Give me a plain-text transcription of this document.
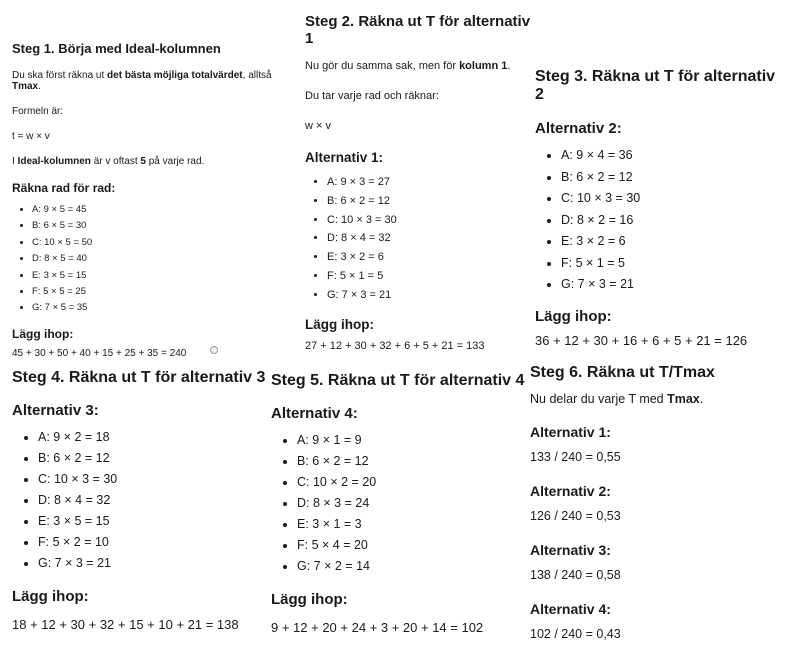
Steg 1. Börja med Ideal-kolumnen

Du ska först räkna ut det bästa möjliga totalvärdet, alltså Tmax.

Formeln är:

t = w × v

I Ideal-kolumnen är v oftast 5 på varje rad.

Räkna rad för rad:
• A: 9 × 5 = 45
• B: 6 × 5 = 30
• C: 10 × 5 = 50
• D: 8 × 5 = 40
• E: 3 × 5 = 15
• F: 5 × 5 = 25
• G: 7 × 5 = 35
Lägg ihop:

45 + 30 + 50 + 40 + 15 + 25 + 35 = 240

Steg 2. Räkna ut T för alternativ 1

Nu gör du samma sak, men för kolumn 1.

Du tar varje rad och räknar:

w × v

Alternativ 1:
• A: 9 × 3 = 27
• B: 6 × 2 = 12
• C: 10 × 3 = 30
• D: 8 × 4 = 32
• E: 3 × 2 = 6
• F: 5 × 1 = 5
• G: 7 × 3 = 21
Lägg ihop:

27 + 12 + 30 + 32 + 6 + 5 + 21 = 133

Steg 3. Räkna ut T för alternativ 2
Alternativ 2:
• A: 9 × 4 = 36
• B: 6 × 2 = 12
• C: 10 × 3 = 30
• D: 8 × 2 = 16
• E: 3 × 2 = 6
• F: 5 × 1 = 5
• G: 7 × 3 = 21
Lägg ihop:

36 + 12 + 30 + 16 + 6 + 5 + 21 = 126

Steg 4. Räkna ut T för alternativ 3
Alternativ 3:
• A: 9 × 2 = 18
• B: 6 × 2 = 12
• C: 10 × 3 = 30
• D: 8 × 4 = 32
• E: 3 × 5 = 15
• F: 5 × 2 = 10
• G: 7 × 3 = 21
Lägg ihop:

18 + 12 + 30 + 32 + 15 + 10 + 21 = 138

Steg 5. Räkna ut T för alternativ 4
Alternativ 4:
• A: 9 × 1 = 9
• B: 6 × 2 = 12
• C: 10 × 2 = 20
• D: 8 × 3 = 24
• E: 3 × 1 = 3
• F: 5 × 4 = 20
• G: 7 × 2 = 14
Lägg ihop:

9 + 12 + 20 + 24 + 3 + 20 + 14 = 102

Steg 6. Räkna ut T/Tmax

Nu delar du varje T med Tmax.

Alternativ 1:

133 / 240 = 0,55

Alternativ 2:

126 / 240 = 0,53

Alternativ 3:

138 / 240 = 0,58

Alternativ 4:

102 / 240 = 0,43
